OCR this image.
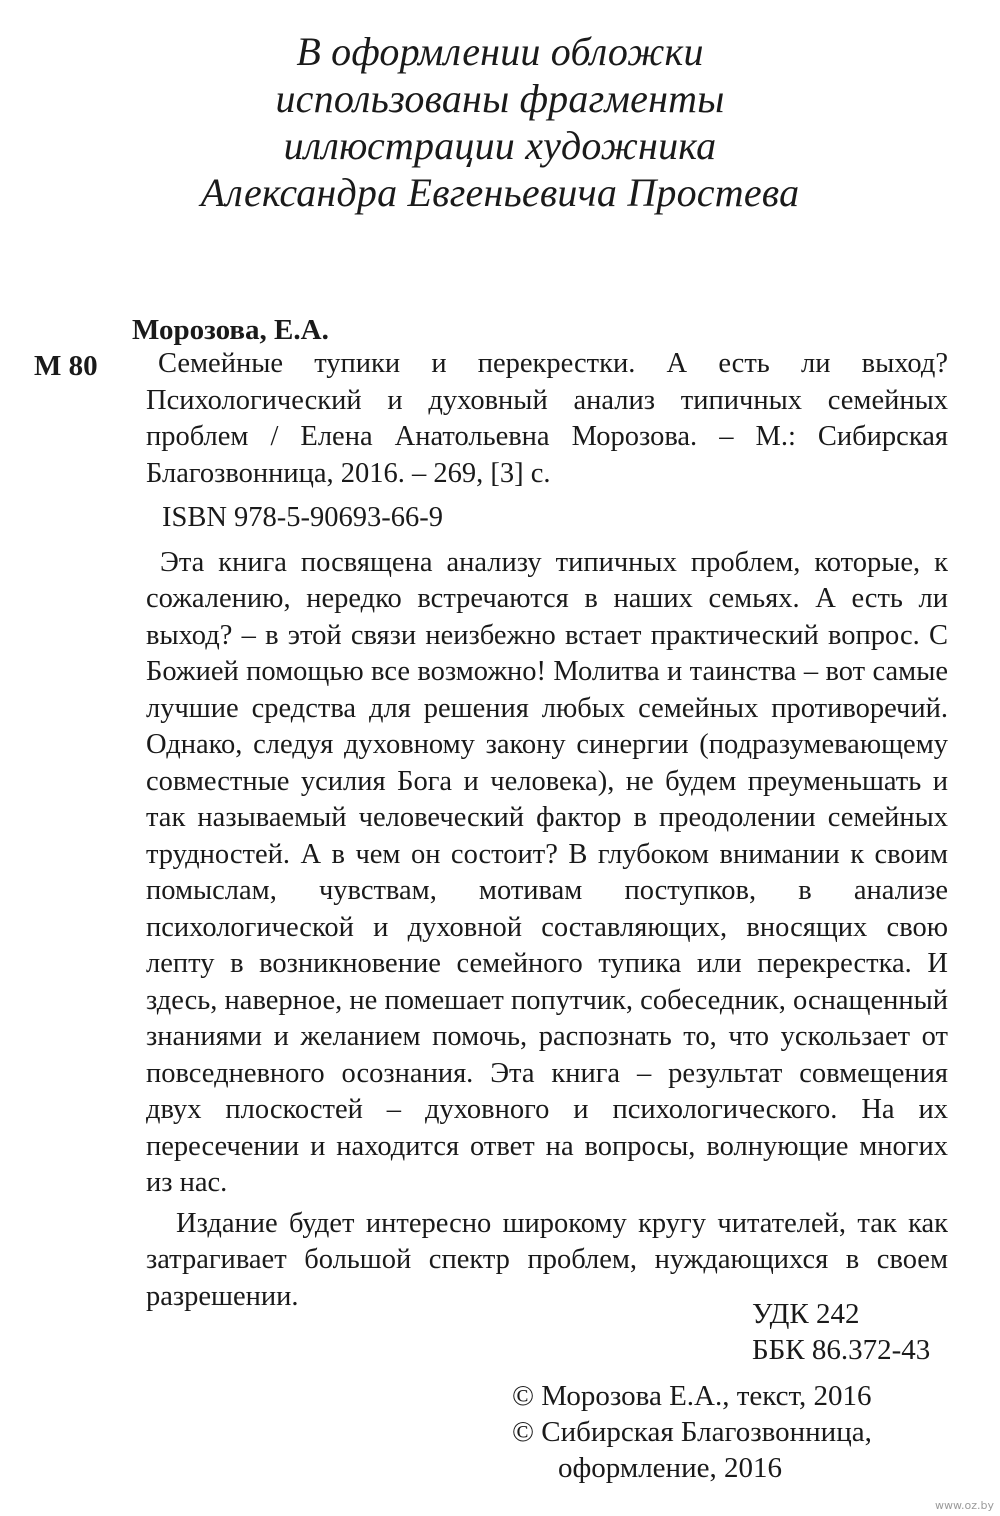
В оформлении обложки
использованы фрагменты
иллюстрации художника
Александра Евгеньевича Простева
Морозова, Е.А.
М 80	Семейные тупики и перекрестки. А есть ли выход? Психологический и духовный анализ типичных семейных проблем / Елена Анатольевна Морозова. – М.: Сибирская Благозвонница, 2016. – 269, [3] с.

ISBN 978-5-90693-66-9

Эта книга посвящена анализу типичных проблем, которые, к сожалению, нередко встречаются в наших семьях. А есть ли выход? – в этой связи неизбежно встает практический вопрос. С Божией помощью все возможно! Молитва и таинства – вот самые лучшие средства для решения любых семейных противоречий. Однако, следуя духовному закону синергии (подразумевающему совместные усилия Бога и человека), не будем преуменьшать и так называемый человеческий фактор в преодолении семейных трудностей. А в чем он состоит? В глубоком внимании к своим помыслам, чувствам, мотивам поступков, в анализе психологической и духовной составляющих, вносящих свою лепту в возникновение семейного тупика или перекрестка. И здесь, наверное, не помешает попутчик, собеседник, оснащенный знаниями и желанием помочь, распознать то, что ускользает от повседневного осознания. Эта книга – результат совмещения двух плоскостей – духовного и психологического. На их пересечении и находится ответ на вопросы, волнующие многих из нас.

Издание будет интересно широкому кругу читателей, так как затрагивает большой спектр проблем, нуждающихся в своем разрешении.

УДК 242
ББК 86.372-43
© Морозова Е.А., текст, 2016
© Сибирская Благозвонница,
оформление, 2016
www.oz.by
